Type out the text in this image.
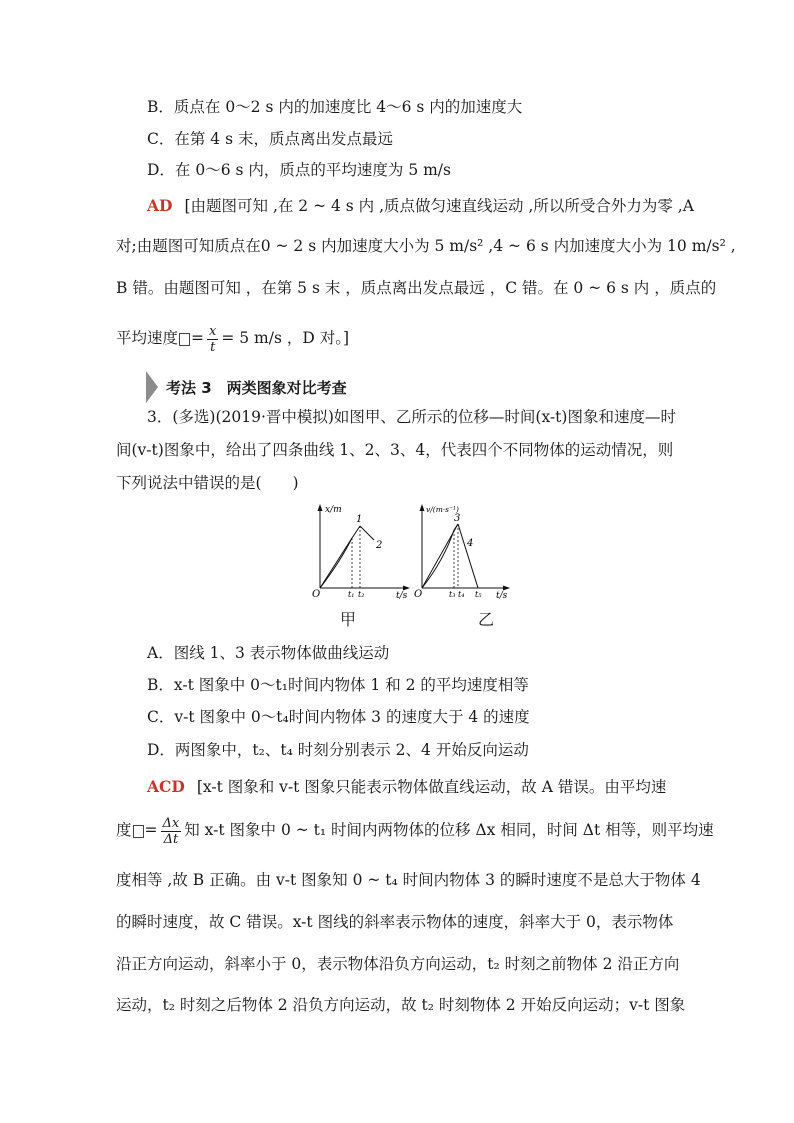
B．质点在 0～2 s 内的加速度比 4～6 s 内的加速度大
C．在第 4 s 末，质点离出发点最远
D．在 0～6 s 内，质点的平均速度为 5 m/s
AD [由题图可知 ,在 2 ~ 4 s 内 ,质点做匀速直线运动 ,所以所受合外力为零 ,A
对;由题图可知质点在0 ~ 2 s 内加速度大小为 5 m/s² ,4 ~ 6 s 内加速度大小为 10 m/s² ,
B 错。由题图可知 ，在第 5 s 末 ，质点离出发点最远 ，C 错。在 0 ~ 6 s 内 ，质点的
平均速度 = $\frac{x}{t} = 5$ m/s ，D 对。]
考法 3　两类图象对比考查
3．(多选)(2019·晋中模拟)如图甲、乙所示的位移—时间(x-t)图象和速度—时
间(v-t)图象中，给出了四条曲线 1、2、3、4，代表四个不同物体的运动情况，则
下列说法中错误的是(　　)
x/m
t/s
O	t₁ t₂
1
2
甲
v/(m·s⁻¹)
t/s
O	t₃ t₄ t₅
3
4
乙
A．图线 1、3 表示物体做曲线运动
B．x-t 图象中 0～t₁时间内物体 1 和 2 的平均速度相等
C．v-t 图象中 0～t₄时间内物体 3 的速度大于 4 的速度
D．两图象中，t₂、t₄ 时刻分别表示 2、4 开始反向运动
ACD [x-t 图象和 v-t 图象只能表示物体做直线运动，故 A 错误。由平均速
度 = $\frac{\Delta x}{\Delta t}$ 知 x-t 图象中 0 ~ t₁ 时间内两物体的位移 Δx 相同，时间 Δt 相等，则平均速
度相等 ,故 B 正确。由 v-t 图象知 0 ~ t₄ 时间内物体 3 的瞬时速度不是总大于物体 4
的瞬时速度，故 C 错误。x-t 图线的斜率表示物体的速度，斜率大于 0，表示物体
沿正方向运动，斜率小于 0，表示物体沿负方向运动，t₂ 时刻之前物体 2 沿正方向
运动，t₂ 时刻之后物体 2 沿负方向运动，故 t₂ 时刻物体 2 开始反向运动；v-t 图象
